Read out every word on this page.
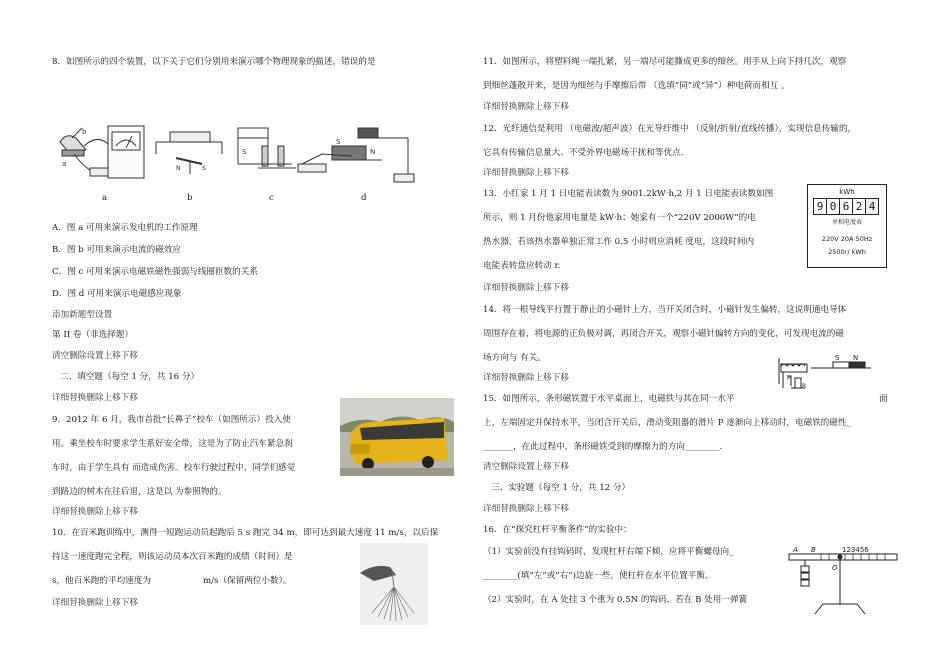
8．如图所示的四个装置，以下关于它们分别用来演示哪个物理现象的描述，错误的是
b
a
N	S
S
S
N
a	b	c	d
A．图 a 可用来演示发电机的工作原理
B．图 b 可用来演示电流的磁效应
C．图 c 可用来演示电磁铁磁性强弱与线圈匝数的关系
D．图 d 可用来演示电磁感应现象
添加新题型设置
第 II 卷（非选择题）
清空删除设置上移下移
二、填空题（每空 1 分，共 16 分）
详细替换删除上移下移
9．2012 年 6 月，我市首批“长鼻子”校车（如图所示）投入使
用。乘坐校车时要求学生系好安全带，这是为了防止汽车紧急刹
车时，由于学生具有 而造成伤害。校车行驶过程中，同学们感觉
到路边的树木在往后退，这是以 为参照物的。
详细替换删除上移下移
10．在百米跑训练中，测得一短跑运动员起跑后 5 s 跑完 34 m，即可达到最大速度 11 m/s，以后保
持这一速度跑完全程，则该运动员本次百米跑的成绩（时间）是
s，他百米跑的平均速度为	m/s（保留两位小数）。
详细替换删除上移下移
11．如图所示，将塑料绳一端扎紧，另一端尽可能撕成更多的细丝。用手从上向下捋几次，观察
到细丝蓬散开来，是因为细丝与手摩擦后带 （选填“同”或“异”）种电荷而相互 。
详细替换删除上移下移
12．光纤通信是利用 （电磁波/超声波）在光导纤维中 （反射/折射/直线传播），实现信息传输的，
它具有传输信息量大、不受外界电磁场干扰和等优点.
详细替换删除上移下移
13．小红家 1 月 1 日电能表读数为 9001.2kW·h,2 月 1 日电能表读数如图
所示，则 1 月份他家用电量是 kW·h；她家有一个“220V 2000W”的电
热水器，若该热水器单独正常工作 0.5 小时则应消耗 度电，这段时间内
电能表转盘应转动 r.
kWh
9 0 6 2 4
单相电度表
220V 20A 50Hz
2500r/ kWh
详细替换删除上移下移
14．将一根导线平行置于静止的小磁针上方，当开关闭合时，小磁针发生偏转，这说明通电导体
周围存在着，将电源的正负极对调，再闭合开关，观察小磁针偏转方向的变化，可发现电流的磁
场方向与 有关。
详细替换删除上移下移
15．如图所示，条形磁铁置于水平桌面上，电磁铁与其在同一水平	面
上，左端固定并保持水平，当闭合开关后，滑动变阻器的滑片 P 逐渐向上移动时，电磁铁的磁性_
_______，在此过程中，条形磁铁受到的摩擦力的方向________.
S N
P
R
清空删除设置上移下移
三、实验题（每空 1 分，共 12 分）
详细替换删除上移下移
16．在“探究杠杆平衡条件”的实验中：
（1）实验前没有挂钩码时，发现杠杆右端下倾，应将平衡螺母向_
________(填“左”或“右”)边旋一些，使杠杆在水平位置平衡。
（2）实验时，在 A 处挂 3 个重为 0.5N 的钩码，若在 B 处用一弹簧
A B	123456
O
